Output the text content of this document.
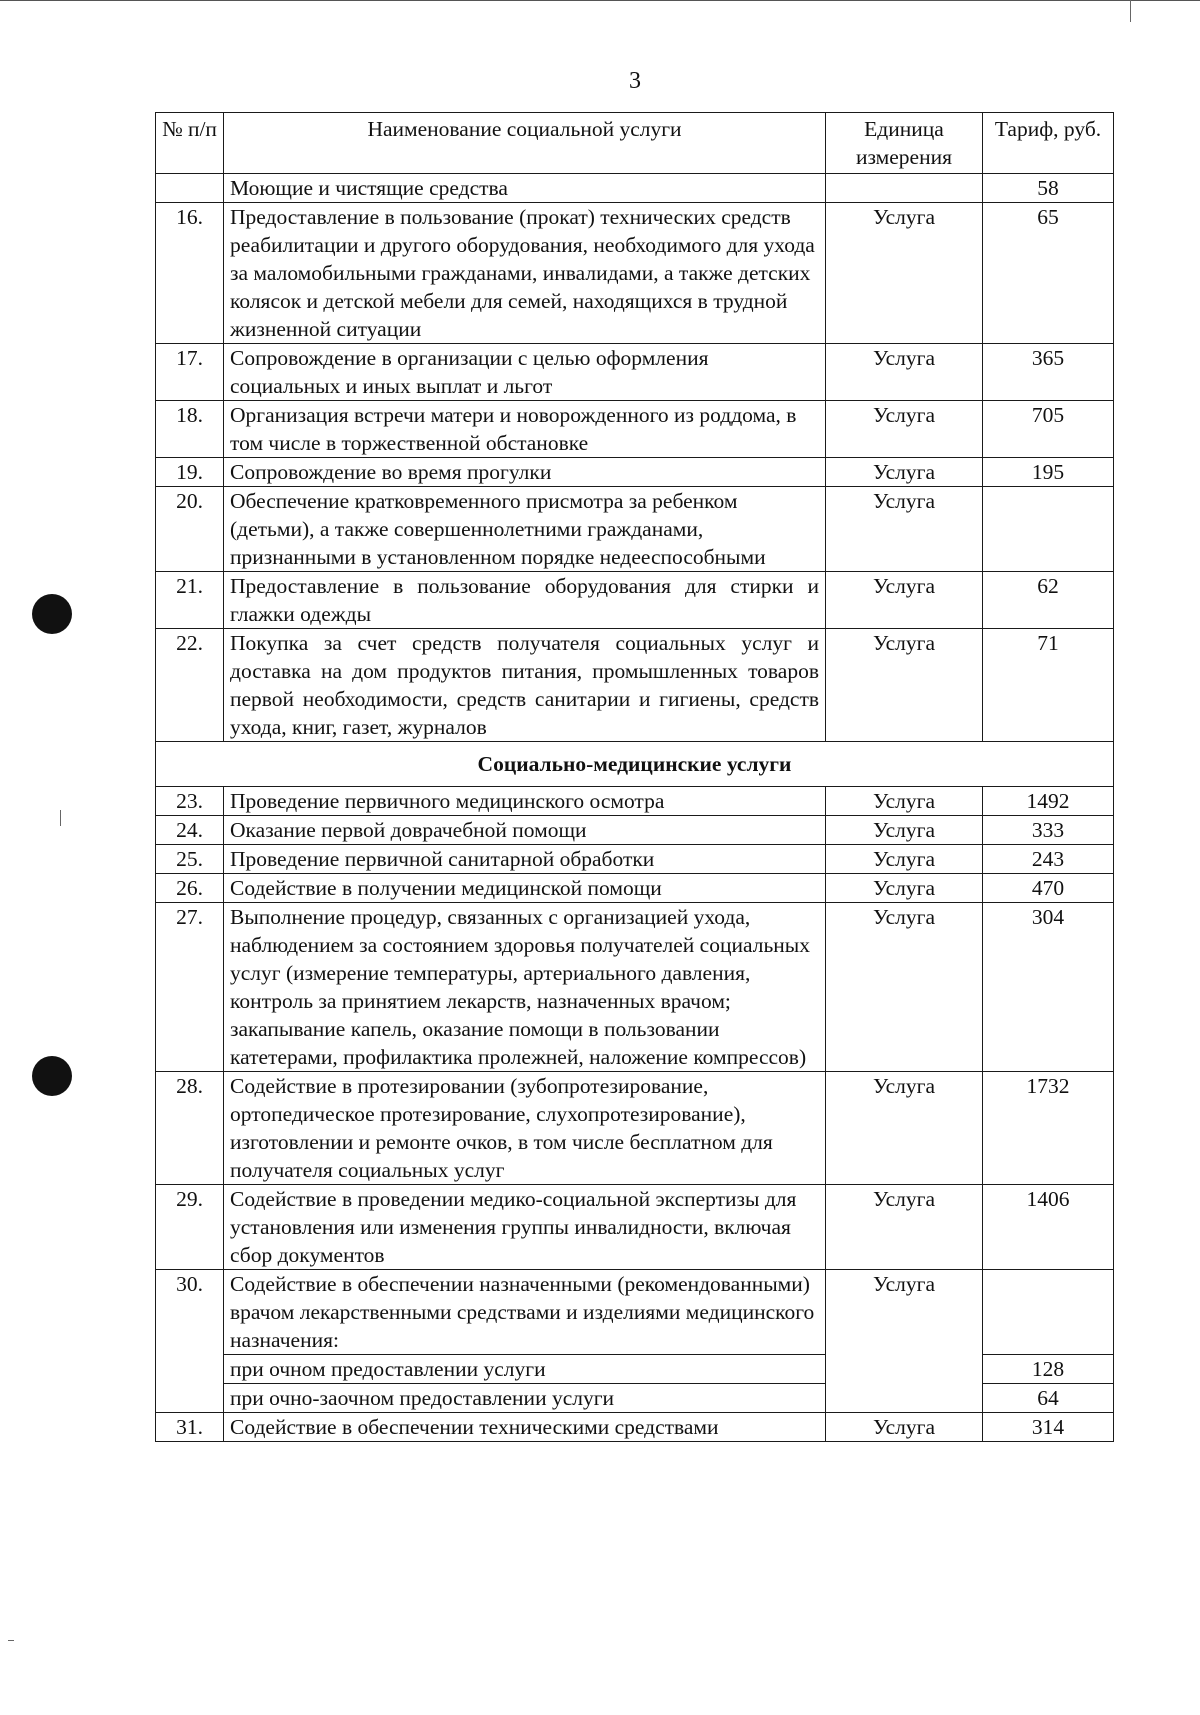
3
№ п/п	Наименование социальной услуги	Единица измерения	Тариф, руб.
	Моющие и чистящие средства		58
16.	Предоставление в пользование (прокат) технических средств реабилитации и другого оборудования, необходимого для ухода за маломобильными гражданами, инвалидами, а также детских колясок и детской мебели для семей, находящихся в трудной жизненной ситуации	Услуга	65
17.	Сопровождение в организации с целью оформления социальных и иных выплат и льгот	Услуга	365
18.	Организация встречи матери и новорожденного из роддома, в том числе в торжественной обстановке	Услуга	705
19.	Сопровождение во время прогулки	Услуга	195
20.	Обеспечение кратковременного присмотра за ребенком (детьми), а также совершеннолетними гражданами, признанными в установленном порядке недееспособными	Услуга	
21.	Предоставление в пользование оборудования для стирки и глажки одежды	Услуга	62
22.	Покупка за счет средств получателя социальных услуг и доставка на дом продуктов питания, промышленных товаров первой необходимости, средств санитарии и гигиены, средств ухода, книг, газет, журналов	Услуга	71
Социально-медицинские услуги			
23.	Проведение первичного медицинского осмотра	Услуга	1492
24.	Оказание первой доврачебной помощи	Услуга	333
25.	Проведение первичной санитарной обработки	Услуга	243
26.	Содействие в получении медицинской помощи	Услуга	470
27.	Выполнение процедур, связанных с организацией ухода, наблюдением за состоянием здоровья получателей социальных услуг (измерение температуры, артериального давления, контроль за принятием лекарств, назначенных врачом; закапывание капель, оказание помощи в пользовании катетерами, профилактика пролежней, наложение компрессов)	Услуга	304
28.	Содействие в протезировании (зубопротезирование, ортопедическое протезирование, слухопротезирование), изготовлении и ремонте очков, в том числе бесплатном для получателя социальных услуг	Услуга	1732
29.	Содействие в проведении медико-социальной экспертизы для установления или изменения группы инвалидности, включая сбор документов	Услуга	1406
30.	Содействие в обеспечении назначенными (рекомендованными) врачом лекарственными средствами и изделиями медицинского назначения:	Услуга	
	при очном предоставлении услуги		128
	при очно-заочном предоставлении услуги		64
31.	Содействие в обеспечении техническими средствами	Услуга	314
